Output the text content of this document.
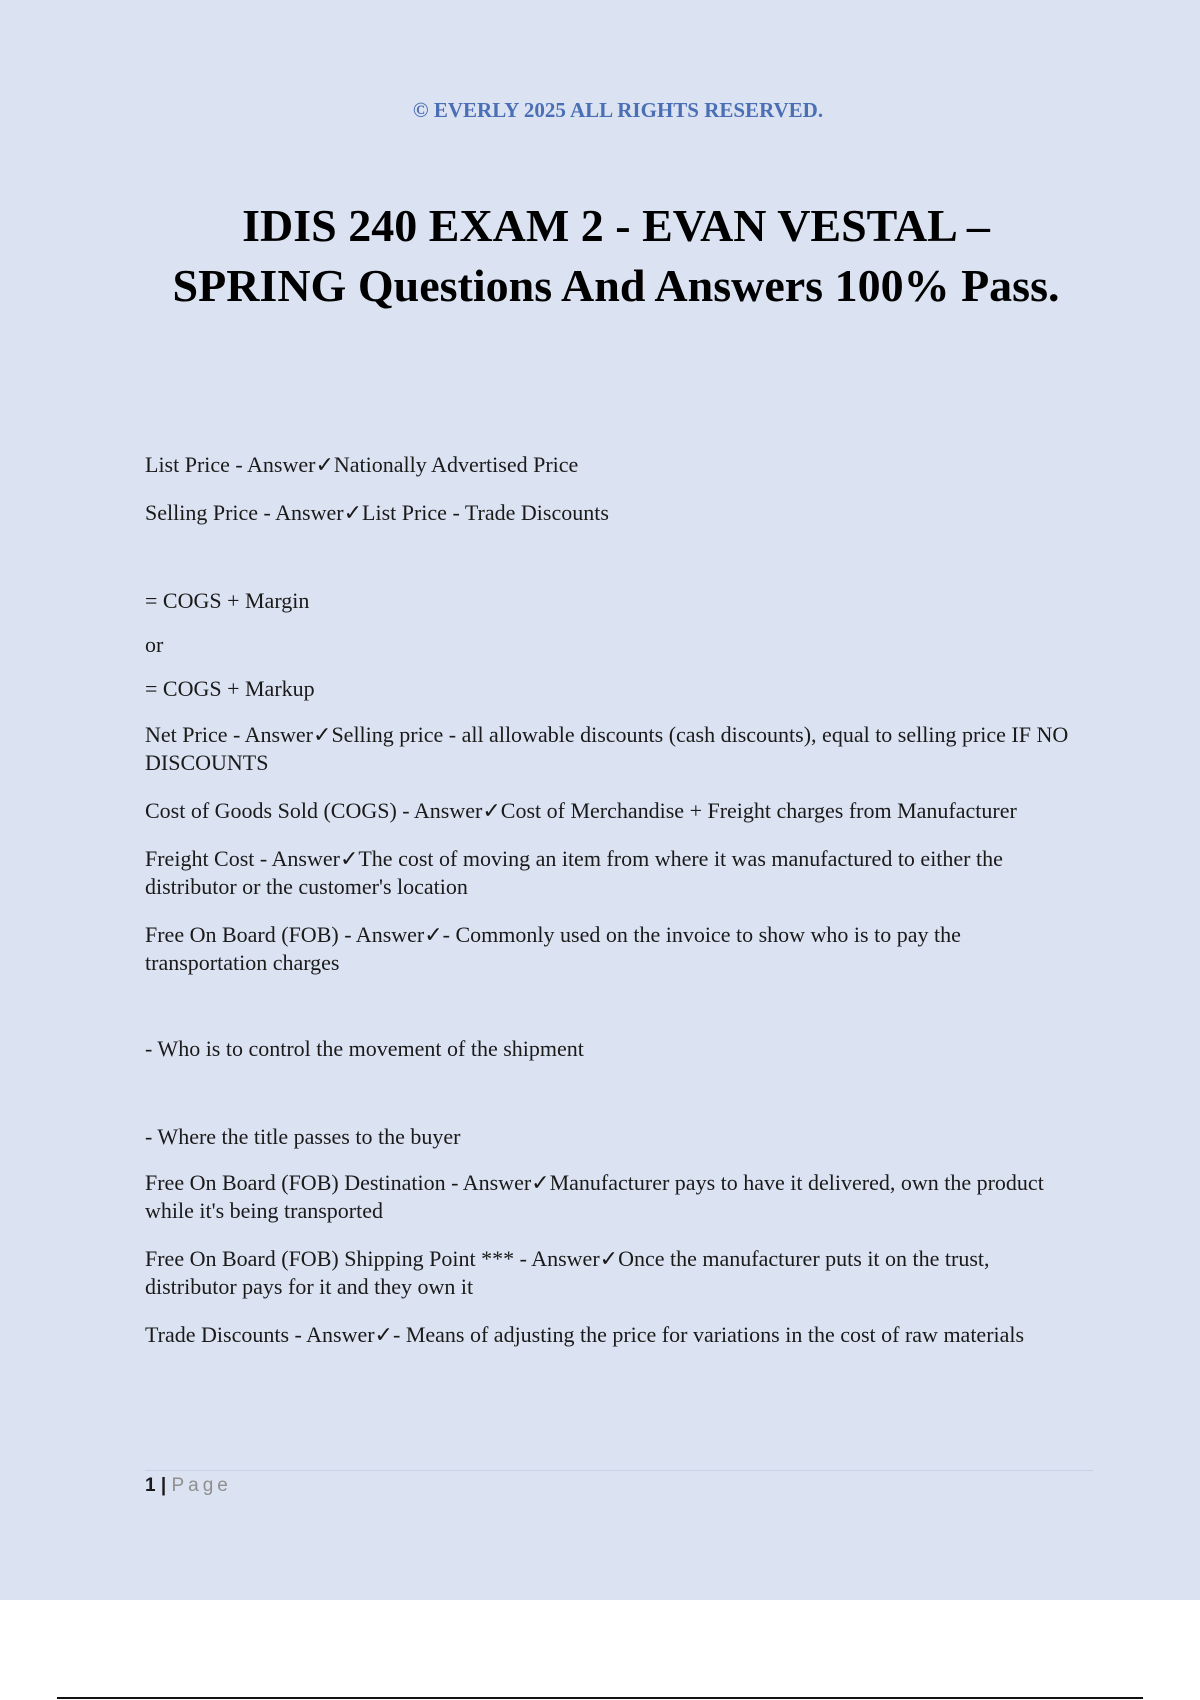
© EVERLY 2025 ALL RIGHTS RESERVED.
IDIS 240 EXAM 2 - EVAN VESTAL –
SPRING Questions And Answers 100% Pass.

List Price - Answer✓Nationally Advertised Price

Selling Price - Answer✓List Price - Trade Discounts

= COGS + Margin

or

= COGS + Markup

Net Price - Answer✓Selling price - all allowable discounts (cash discounts), equal to selling price IF NO DISCOUNTS

Cost of Goods Sold (COGS) - Answer✓Cost of Merchandise + Freight charges from Manufacturer

Freight Cost - Answer✓The cost of moving an item from where it was manufactured to either the distributor or the customer's location

Free On Board (FOB) - Answer✓- Commonly used on the invoice to show who is to pay the transportation charges

- Who is to control the movement of the shipment

- Where the title passes to the buyer

Free On Board (FOB) Destination - Answer✓Manufacturer pays to have it delivered, own the product while it's being transported

Free On Board (FOB) Shipping Point *** - Answer✓Once the manufacturer puts it on the trust, distributor pays for it and they own it

Trade Discounts - Answer✓- Means of adjusting the price for variations in the cost of raw materials

1 | Page
